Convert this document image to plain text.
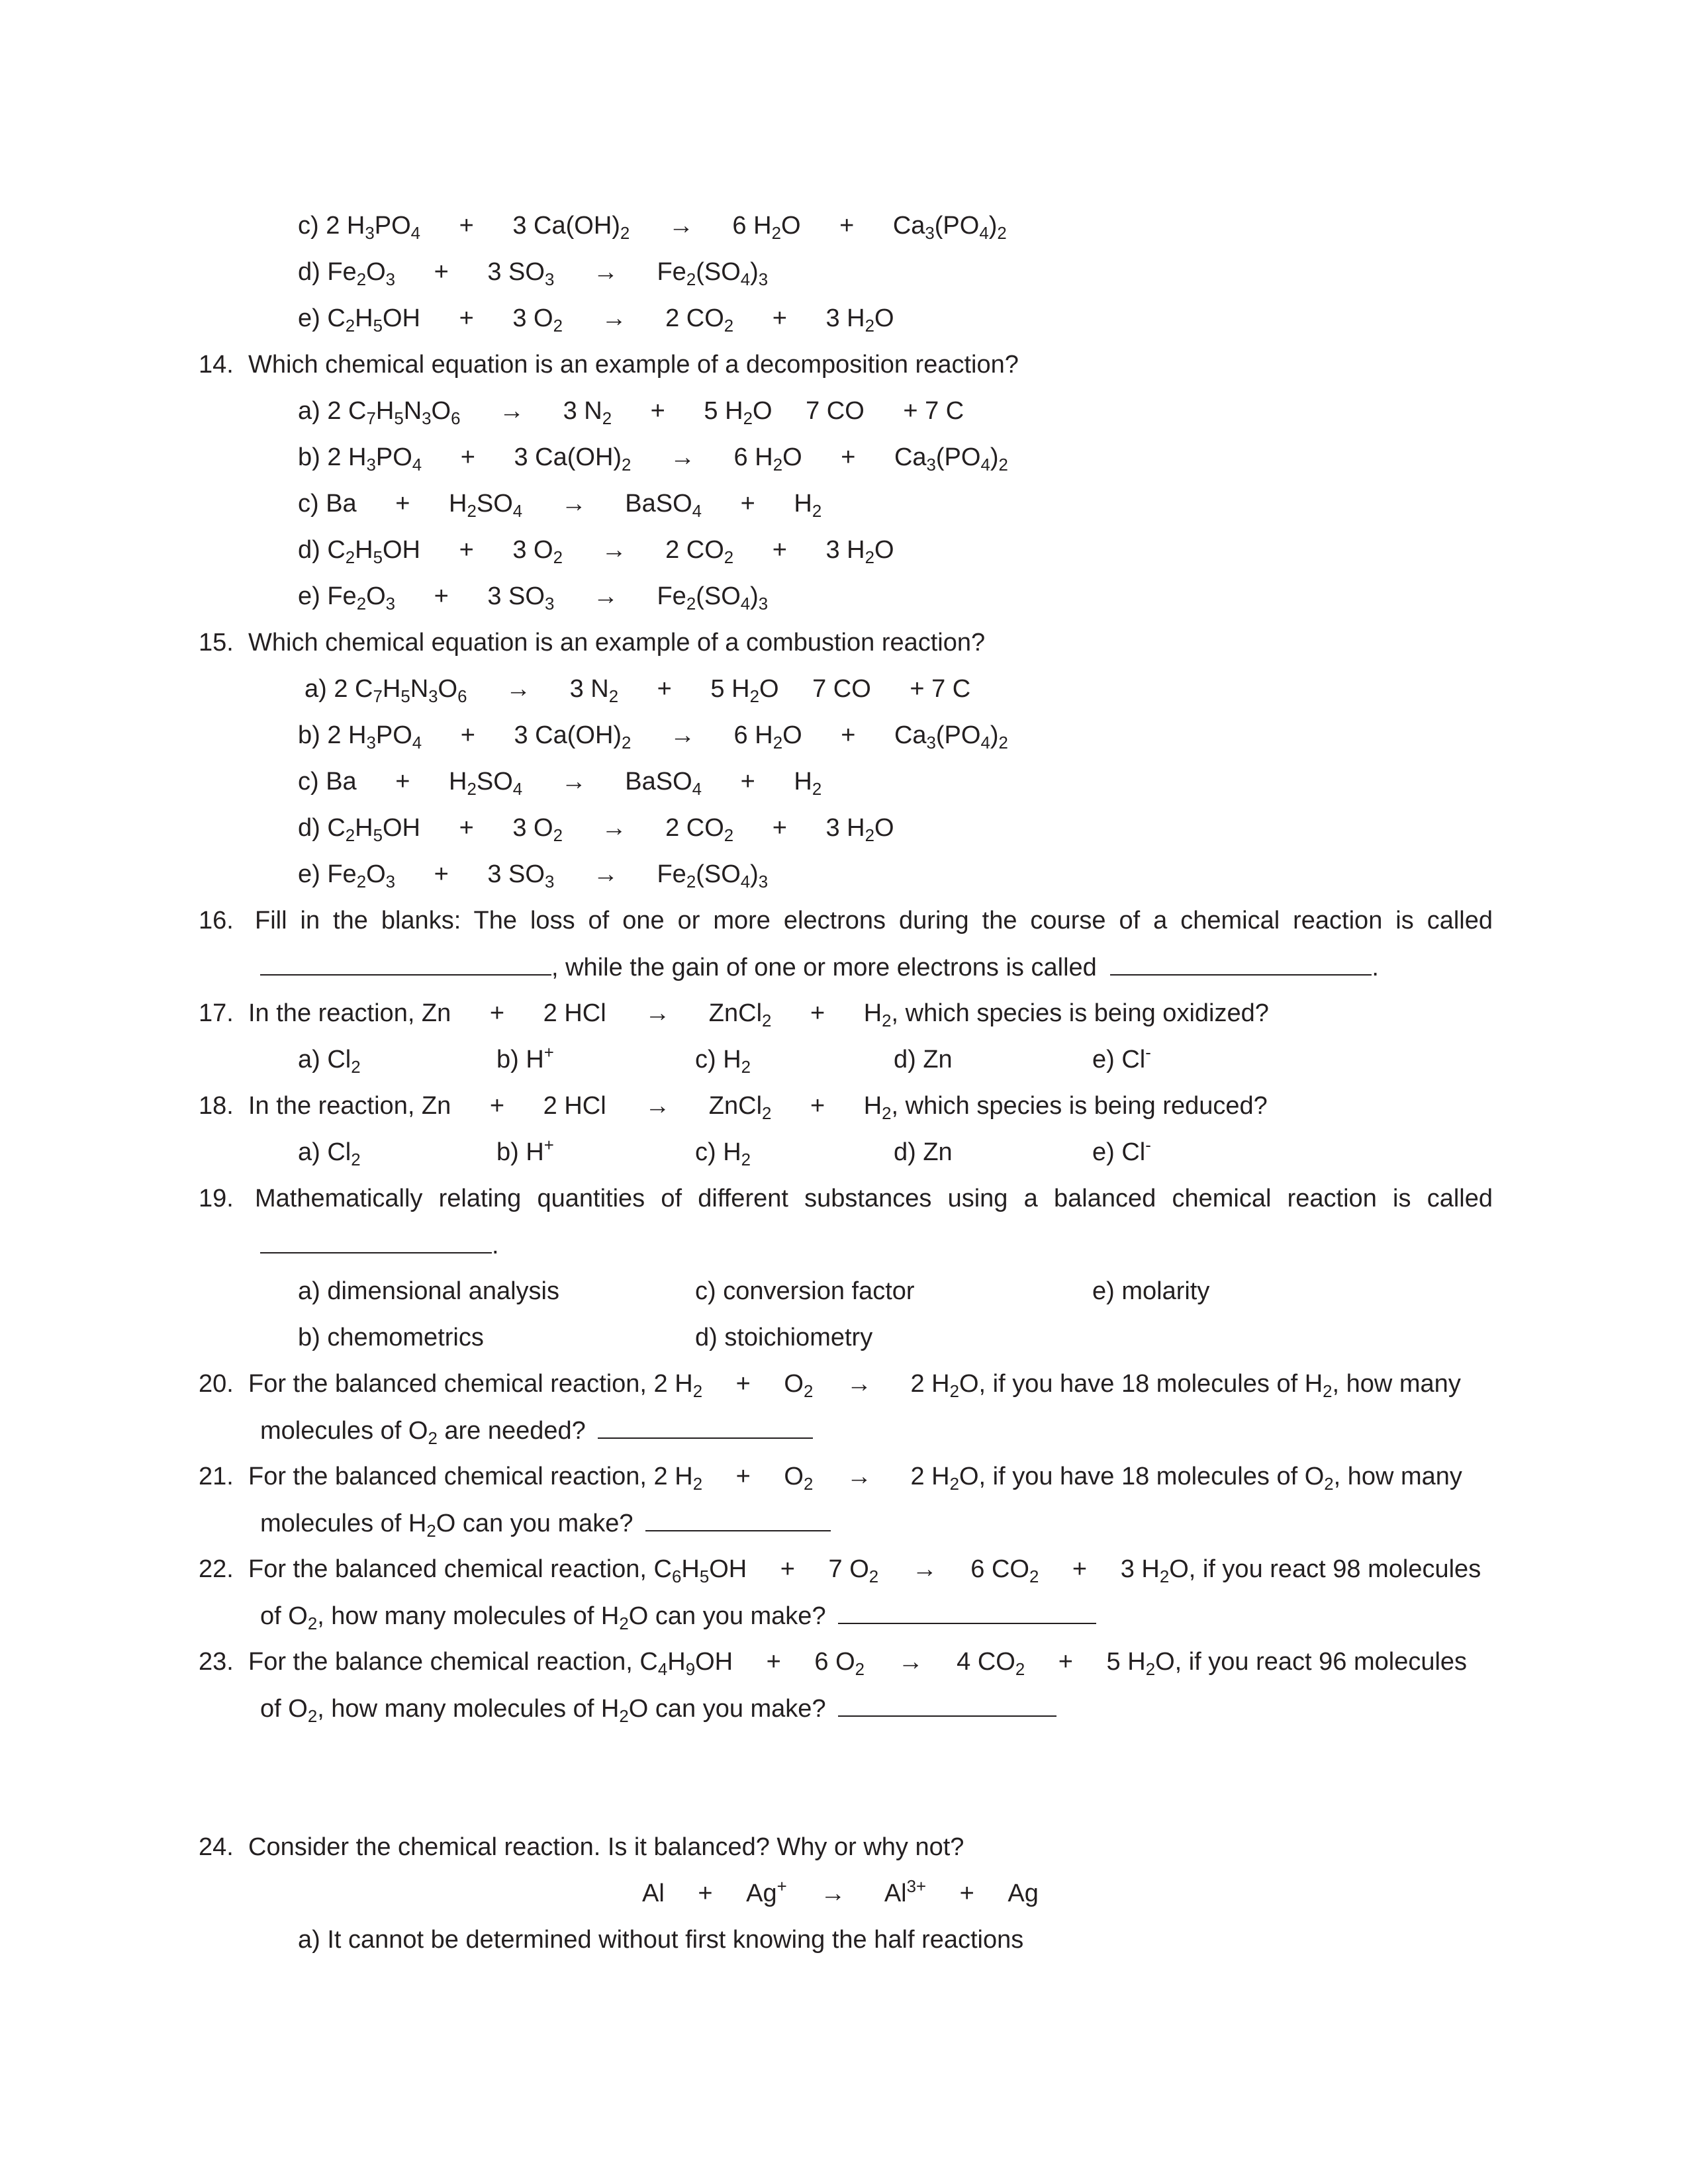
c) 2 $H_3PO_4 + 3$ $Ca(OH)_2 \to 6$ $H_2O + Ca_3(PO_4)_2$
d) $Fe_2O_3 + 3$ $SO_3 \to Fe_2(SO_4)_3$
e) $C_2H_5OH + 3$ $O_2 \to 2$ $CO_2 + 3$ $H_2O$
14. Which chemical equation is an example of a decomposition reaction?
a) 2 $C_7H_5N_3O_6 \to 3$ $N_2 + 5$ $H_2O$ 7 CO + 7 C
b) 2 $H_3PO_4 + 3$ $Ca(OH)_2 \to 6$ $H_2O + Ca_3(PO_4)_2$
c) $Ba + H_2SO_4$ → BaSO$_4$ + $H_2$
d) $C_2H_5OH + 3$ $O_2 \to 2$ $CO_2 + 3$ $H_2O$
e) $Fe_2O_3 + 3$ $SO_3 \to Fe_2(SO_4)_3$
15. Which chemical equation is an example of a combustion reaction?
a) 2 $C_7H_5N_3O_6 \to 3$ $N_2 + 5$ $H_2O$ 7 CO + 7 C
b) 2 $H_3PO_4 + 3$ $Ca(OH)_2 \to 6$ $H_2O + Ca_3(PO_4)_2$
c) $Ba + H_2SO_4$ → BaSO$_4$ + $H_2$
d) $C_2H_5OH + 3$ $O_2 \to 2$ $CO_2 + 3$ $H_2O$
e) $Fe_2O_3 + 3$ $SO_3 \to Fe_2(SO_4)_3$
16. Fill in the blanks: The loss of one or more electrons during the course of a chemical reaction is called
, while the gain of one or more electrons is called	.
17. In the reaction, Zn + 2 HCl → ZnCl$_2$ + $H_2$, which species is being oxidized?
a) $Cl_2$	b) H+	c) $H_2$	d) Zn	e) Cl-
18. In the reaction, Zn + 2 HCl → ZnCl$_2$ + $H_2$, which species is being reduced?
a) $Cl_2$	b) H+	c) $H_2$	d) Zn	e) Cl-
19. Mathematically relating quantities of different substances using a balanced chemical reaction is called
.
a) dimensional analysis
b) chemometrics
c) conversion factor
d) stoichiometry
e) molarity
20. For the balanced chemical reaction, 2 $H_2 + O_2 \to 2$ $H_2O$, if you have 18 molecules of $H_2$, how many
molecules of $O_2$ are needed?
21. For the balanced chemical reaction, 2 $H_2 + O_2 \to 2$ $H_2O$, if you have 18 molecules of $O_2$, how many
molecules of $H_2O$ can you make?
22. For the balanced chemical reaction, $C_6H_5OH + 7$ $O_2 \to 6$ $CO_2 + 3$ $H_2O$, if you react 98 molecules
of $O_2$, how many molecules of $H_2O$ can you make?
23. For the balance chemical reaction, $C_4H_9OH + 6$ $O_2 \to 4$ $CO_2 + 5$ $H_2O$, if you react 96 molecules
of $O_2$, how many molecules of $H_2O$ can you make?
24. Consider the chemical reaction. Is it balanced? Why or why not?
$Al + Ag^+ \to Al^{3+} + Ag$
a) It cannot be determined without first knowing the half reactions
